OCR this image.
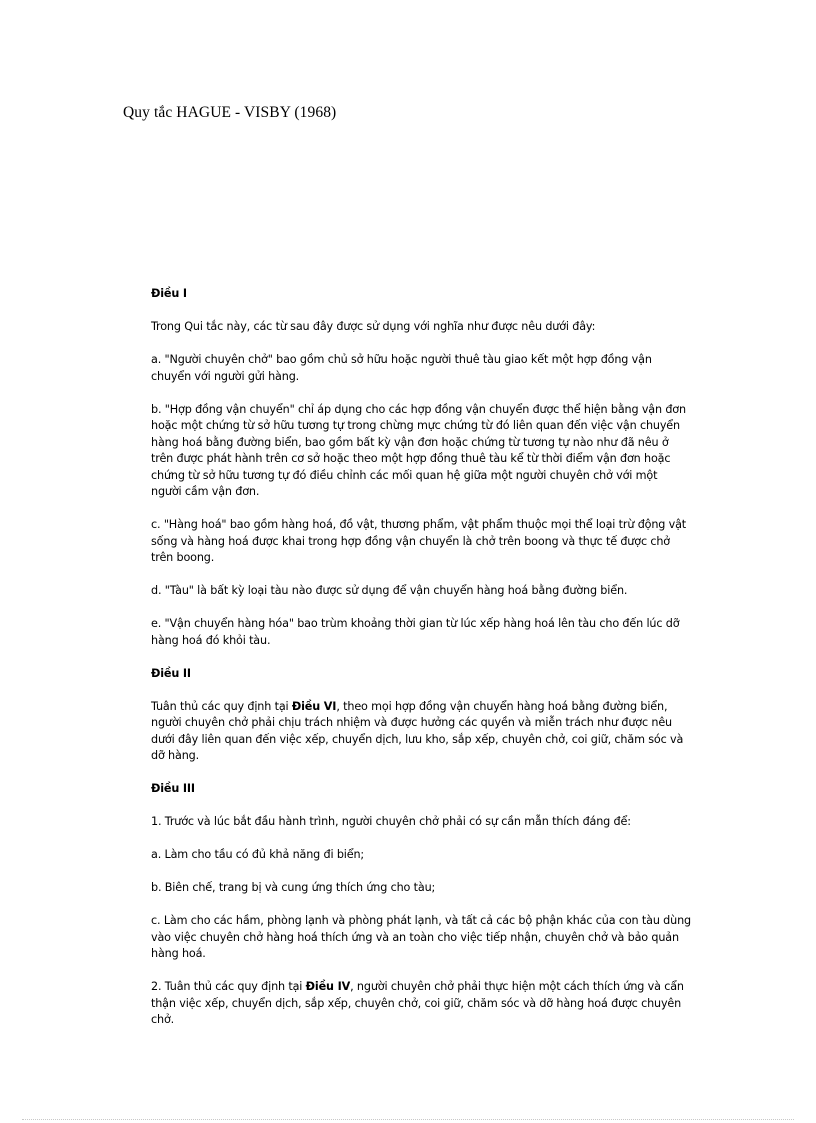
Quy tắc HAGUE - VISBY (1968)
Điều I

Trong Qui tắc này, các từ sau đây được sử dụng với nghĩa như được nêu dưới đây:

a. "Người chuyên chở" bao gồm chủ sở hữu hoặc người thuê tàu giao kết một hợp đồng vận chuyển với người gửi hàng.

b. "Hợp đồng vận chuyển" chỉ áp dụng cho các hợp đồng vận chuyển được thể hiện bằng vận đơn hoặc một chứng từ sở hữu tương tự trong chừng mực chứng từ đó liên quan đến việc vận chuyển hàng hoá bằng đường biển, bao gồm bất kỳ vận đơn hoặc chứng từ tương tự nào như đã nêu ở trên được phát hành trên cơ sở hoặc theo một hợp đồng thuê tàu kể từ thời điểm vận đơn hoặc chứng từ sở hữu tương tự đó điều chỉnh các mối quan hệ giữa một người chuyên chở với một người cầm vận đơn.

c. "Hàng hoá" bao gồm hàng hoá, đồ vật, thương phẩm, vật phẩm thuộc mọi thể loại trừ động vật sống và hàng hoá được khai trong hợp đồng vận chuyển là chở trên boong và thực tế được chở trên boong.

d. "Tàu" là bất kỳ loại tàu nào được sử dụng để vận chuyển hàng hoá bằng đường biển.

e. "Vận chuyển hàng hóa" bao trùm khoảng thời gian từ lúc xếp hàng hoá lên tàu cho đến lúc dỡ hàng hoá đó khỏi tàu.

Điều II

Tuân thủ các quy định tại Điều VI, theo mọi hợp đồng vận chuyển hàng hoá bằng đường biển, người chuyên chở phải chịu trách nhiệm và được hưởng các quyền và miễn trách như được nêu dưới đây liên quan đến việc xếp, chuyển dịch, lưu kho, sắp xếp, chuyên chở, coi giữ, chăm sóc và dỡ hàng.

Điều III

1. Trước và lúc bắt đầu hành trình, người chuyên chở phải có sự cần mẫn thích đáng để:

a. Làm cho tầu có đủ khả năng đi biển;

b. Biên chế, trang bị và cung ứng thích ứng cho tàu;

c. Làm cho các hầm, phòng lạnh và phòng phát lạnh, và tất cả các bộ phận khác của con tàu dùng vào việc chuyên chở hàng hoá thích ứng và an toàn cho việc tiếp nhận, chuyên chở và bảo quản hàng hoá.

2. Tuân thủ các quy định tại Điều IV, người chuyên chở phải thực hiện một cách thích ứng và cẩn thận việc xếp, chuyển dịch, sắp xếp, chuyên chở, coi giữ, chăm sóc và dỡ hàng hoá được chuyên chở.
